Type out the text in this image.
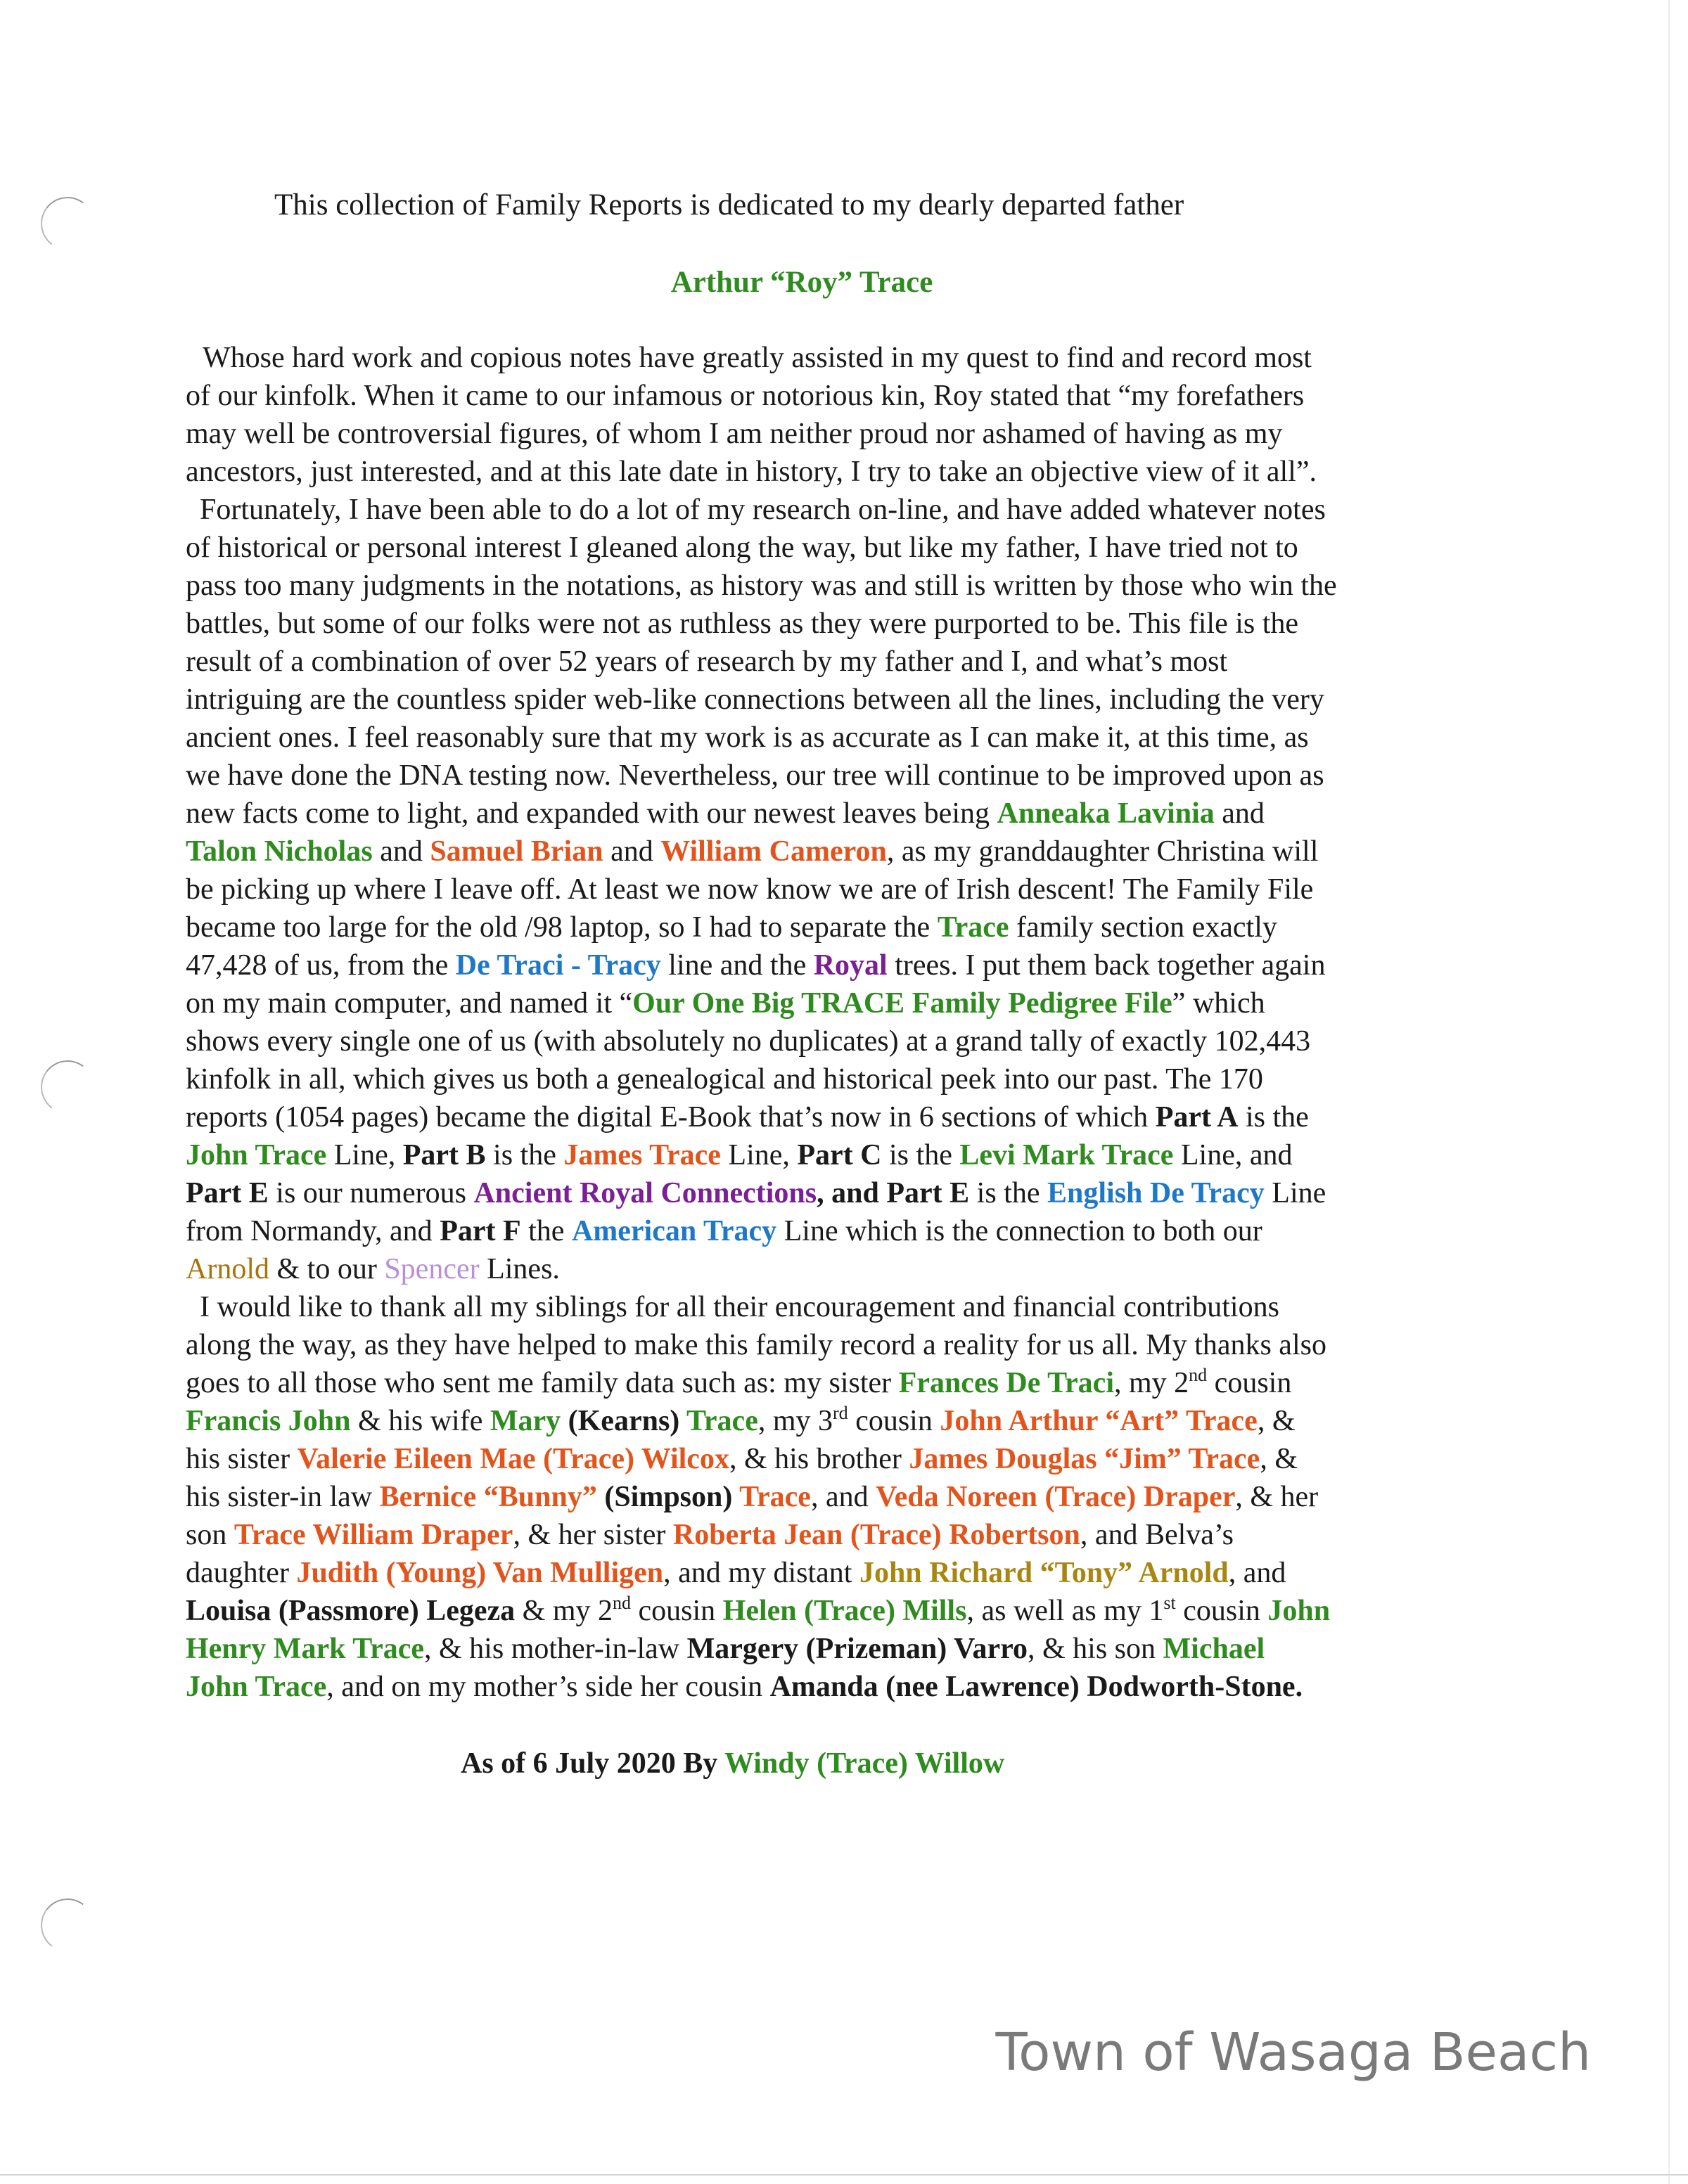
This collection of Family Reports is dedicated to my dearly departed father
Arthur “Roy” Trace

Whose hard work and copious notes have greatly assisted in my quest to find and record most
of our kinfolk. When it came to our infamous or notorious kin, Roy stated that “my forefathers
may well be controversial figures, of whom I am neither proud nor ashamed of having as my
ancestors, just interested, and at this late date in history, I try to take an objective view of it all”.

Fortunately, I have been able to do a lot of my research on-line, and have added whatever notes
of historical or personal interest I gleaned along the way, but like my father, I have tried not to
pass too many judgments in the notations, as history was and still is written by those who win the
battles, but some of our folks were not as ruthless as they were purported to be. This file is the
result of a combination of over 52 years of research by my father and I, and what’s most
intriguing are the countless spider web-like connections between all the lines, including the very
ancient ones. I feel reasonably sure that my work is as accurate as I can make it, at this time, as
we have done the DNA testing now. Nevertheless, our tree will continue to be improved upon as
new facts come to light, and expanded with our newest leaves being Anneaka Lavinia and
Talon Nicholas and Samuel Brian and William Cameron, as my granddaughter Christina will
be picking up where I leave off. At least we now know we are of Irish descent! The Family File
became too large for the old /98 laptop, so I had to separate the Trace family section exactly
47,428 of us, from the De Traci - Tracy line and the Royal trees. I put them back together again
on my main computer, and named it “Our One Big TRACE Family Pedigree File” which
shows every single one of us (with absolutely no duplicates) at a grand tally of exactly 102,443
kinfolk in all, which gives us both a genealogical and historical peek into our past. The 170
reports (1054 pages) became the digital E-Book that’s now in 6 sections of which Part A is the
John Trace Line, Part B is the James Trace Line, Part C is the Levi Mark Trace Line, and
Part E is our numerous Ancient Royal Connections, and Part E is the English De Tracy Line
from Normandy, and Part F the American Tracy Line which is the connection to both our
Arnold & to our Spencer Lines.

I would like to thank all my siblings for all their encouragement and financial contributions
along the way, as they have helped to make this family record a reality for us all. My thanks also
goes to all those who sent me family data such as: my sister Frances De Traci, my 2nd cousin
Francis John & his wife Mary (Kearns) Trace, my 3rd cousin John Arthur “Art” Trace, &
his sister Valerie Eileen Mae (Trace) Wilcox, & his brother James Douglas “Jim” Trace, &
his sister-in law Bernice “Bunny” (Simpson) Trace, and Veda Noreen (Trace) Draper, & her
son Trace William Draper, & her sister Roberta Jean (Trace) Robertson, and Belva’s
daughter Judith (Young) Van Mulligen, and my distant John Richard “Tony” Arnold, and
Louisa (Passmore) Legeza & my 2nd cousin Helen (Trace) Mills, as well as my 1st cousin John
Henry Mark Trace, & his mother-in-law Margery (Prizeman) Varro, & his son Michael
John Trace, and on my mother’s side her cousin Amanda (nee Lawrence) Dodworth-Stone.

As of 6 July 2020 By Windy (Trace) Willow
Town of Wasaga Beach
